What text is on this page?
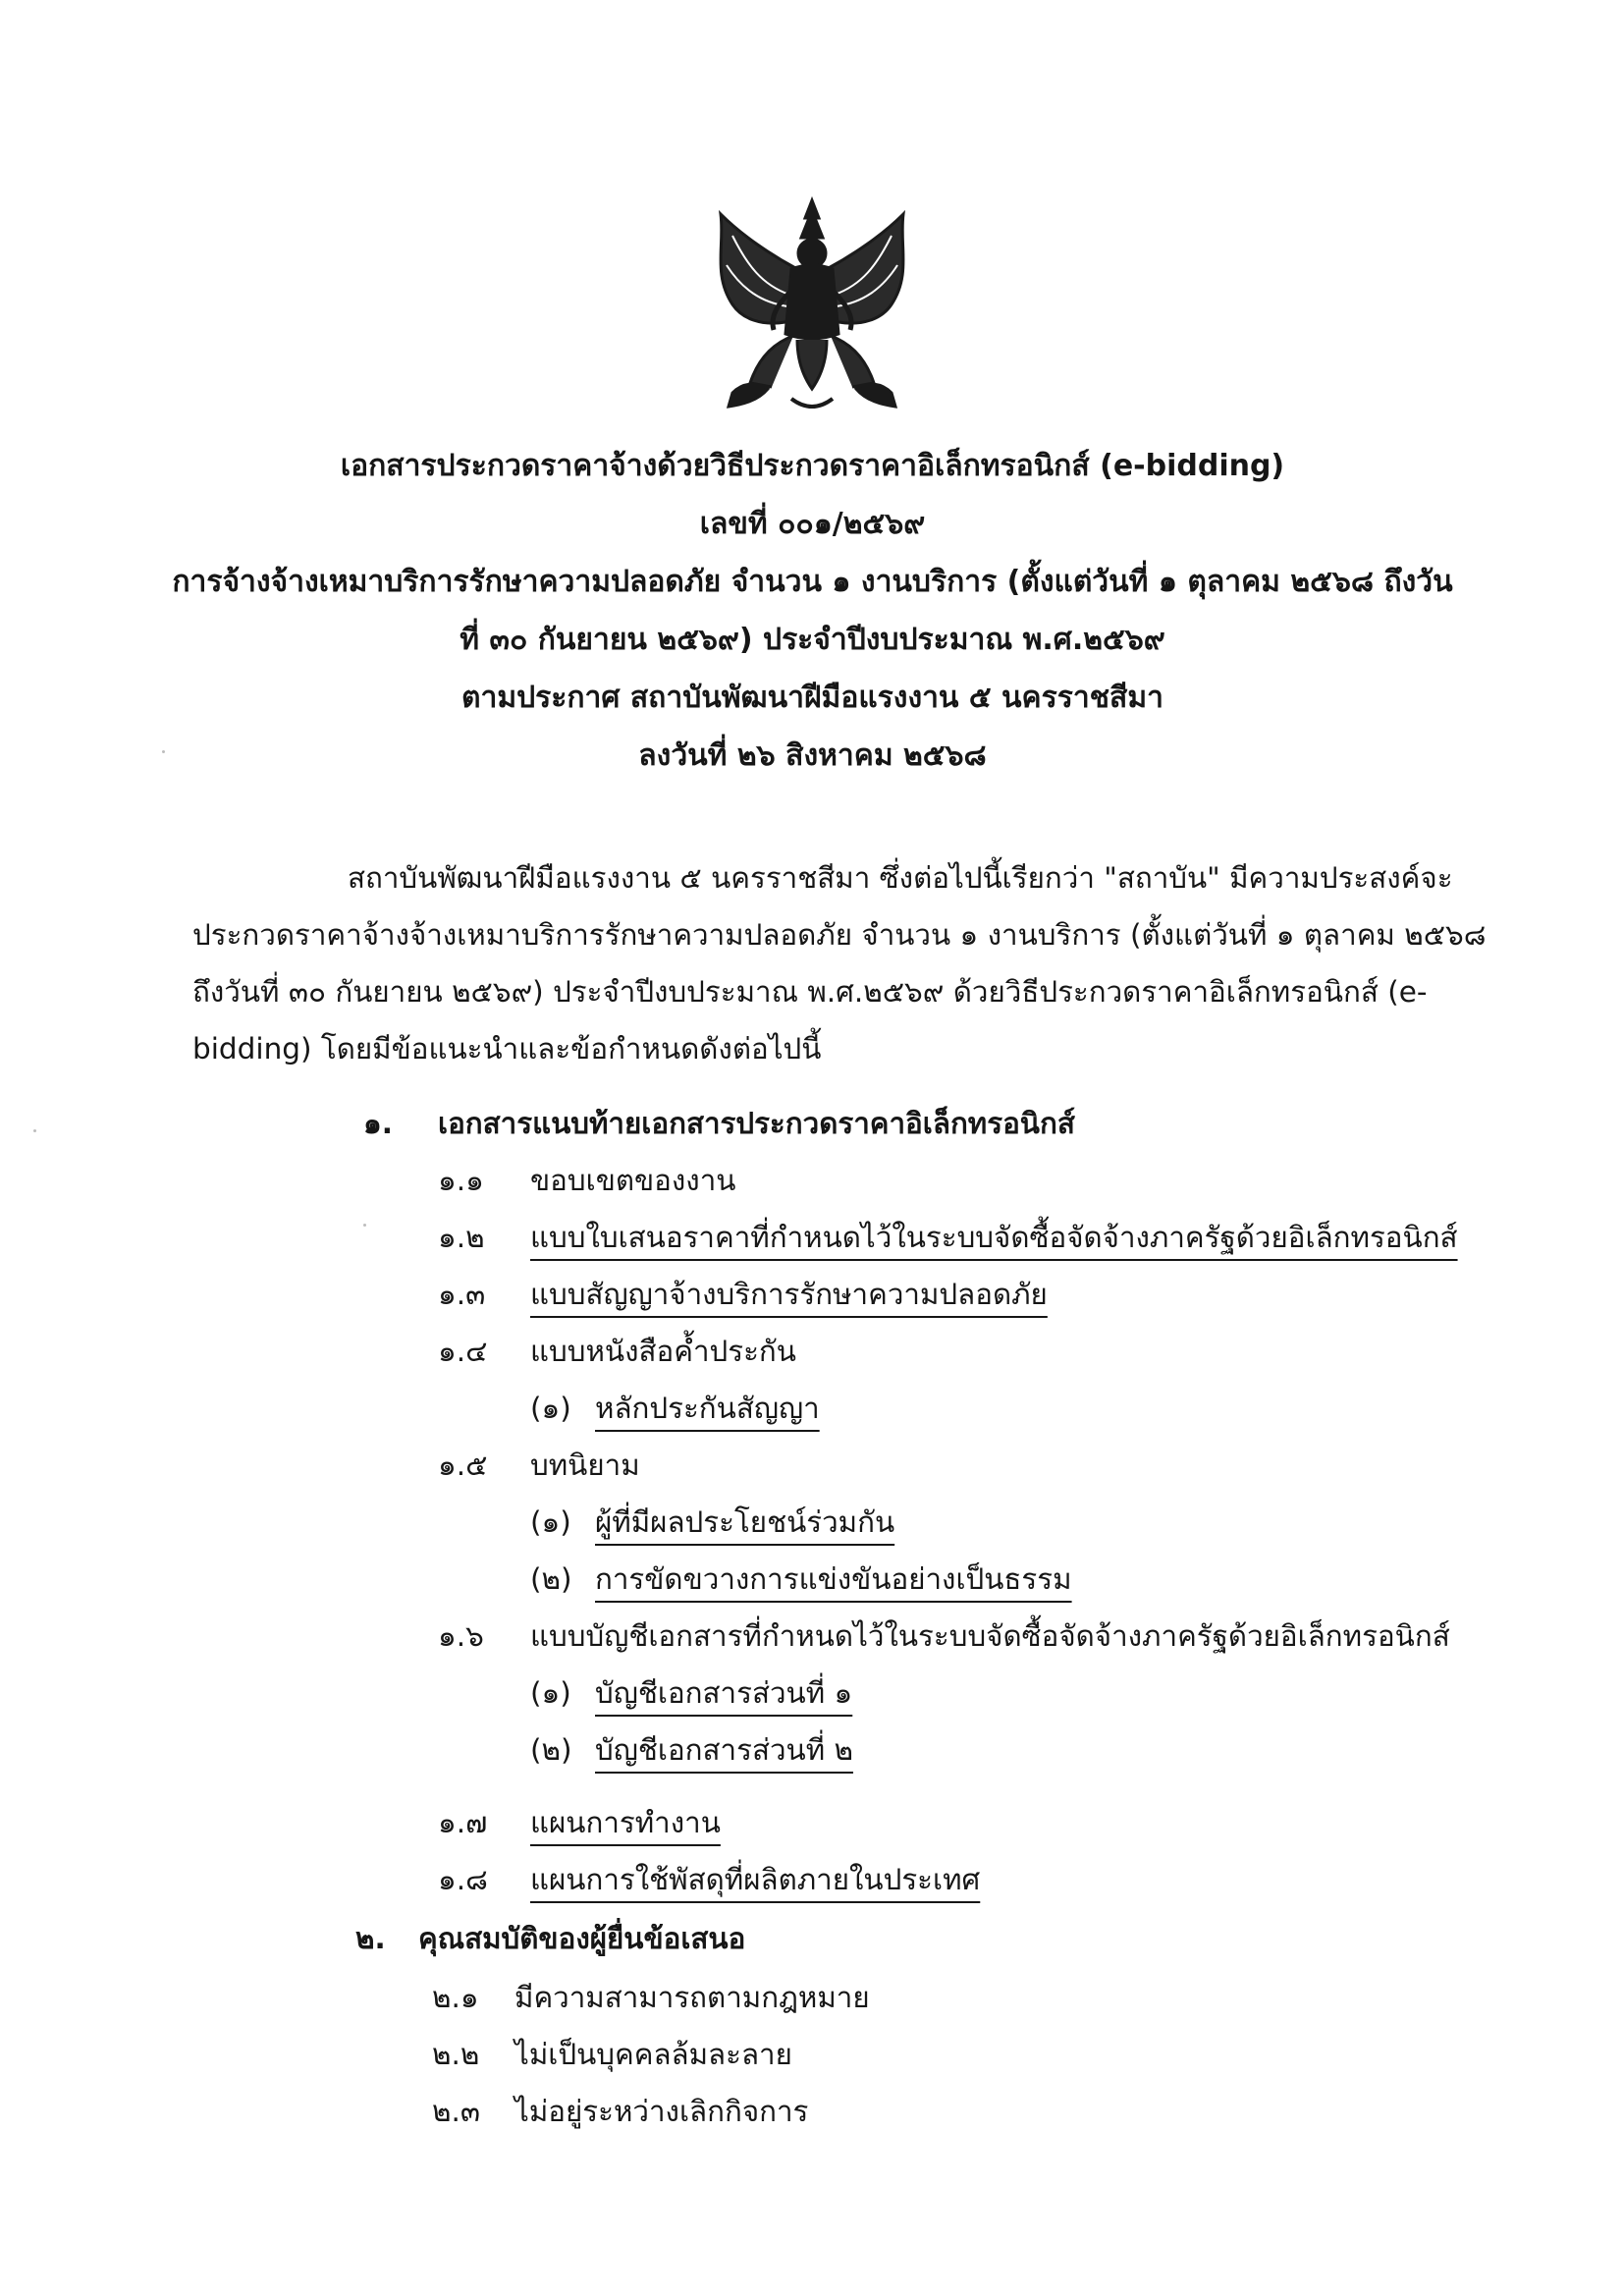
เอกสารประกวดราคาจ้างด้วยวิธีประกวดราคาอิเล็กทรอนิกส์ (e-bidding)
เลขที่ ๐๐๑/๒๕๖๙
การจ้างจ้างเหมาบริการรักษาความปลอดภัย จำนวน ๑ งานบริการ (ตั้งแต่วันที่ ๑ ตุลาคม ๒๕๖๘ ถึงวัน
ที่ ๓๐ กันยายน ๒๕๖๙) ประจำปีงบประมาณ พ.ศ.๒๕๖๙
ตามประกาศ สถาบันพัฒนาฝีมือแรงงาน ๕ นครราชสีมา
ลงวันที่ ๒๖ สิงหาคม ๒๕๖๘
สถาบันพัฒนาฝีมือแรงงาน ๕ นครราชสีมา ซึ่งต่อไปนี้เรียกว่า "สถาบัน" มีความประสงค์จะ
ประกวดราคาจ้างจ้างเหมาบริการรักษาความปลอดภัย จำนวน ๑ งานบริการ (ตั้งแต่วันที่ ๑ ตุลาคม ๒๕๖๘
ถึงวันที่ ๓๐ กันยายน ๒๕๖๙) ประจำปีงบประมาณ พ.ศ.๒๕๖๙ ด้วยวิธีประกวดราคาอิเล็กทรอนิกส์ (e-
bidding) โดยมีข้อแนะนำและข้อกำหนดดังต่อไปนี้
๑. เอกสารแนบท้ายเอกสารประกวดราคาอิเล็กทรอนิกส์
๑.๑ ขอบเขตของงาน
๑.๒ แบบใบเสนอราคาที่กำหนดไว้ในระบบจัดซื้อจัดจ้างภาครัฐด้วยอิเล็กทรอนิกส์
๑.๓ แบบสัญญาจ้างบริการรักษาความปลอดภัย
๑.๔ แบบหนังสือค้ำประกัน
(๑) หลักประกันสัญญา
๑.๕ บทนิยาม
(๑) ผู้ที่มีผลประโยชน์ร่วมกัน
(๒) การขัดขวางการแข่งขันอย่างเป็นธรรม
๑.๖ แบบบัญชีเอกสารที่กำหนดไว้ในระบบจัดซื้อจัดจ้างภาครัฐด้วยอิเล็กทรอนิกส์
(๑) บัญชีเอกสารส่วนที่ ๑
(๒) บัญชีเอกสารส่วนที่ ๒
๑.๗ แผนการทำงาน
๑.๘ แผนการใช้พัสดุที่ผลิตภายในประเทศ
๒. คุณสมบัติของผู้ยื่นข้อเสนอ
๒.๑ มีความสามารถตามกฎหมาย
๒.๒ ไม่เป็นบุคคลล้มละลาย
๒.๓ ไม่อยู่ระหว่างเลิกกิจการ
